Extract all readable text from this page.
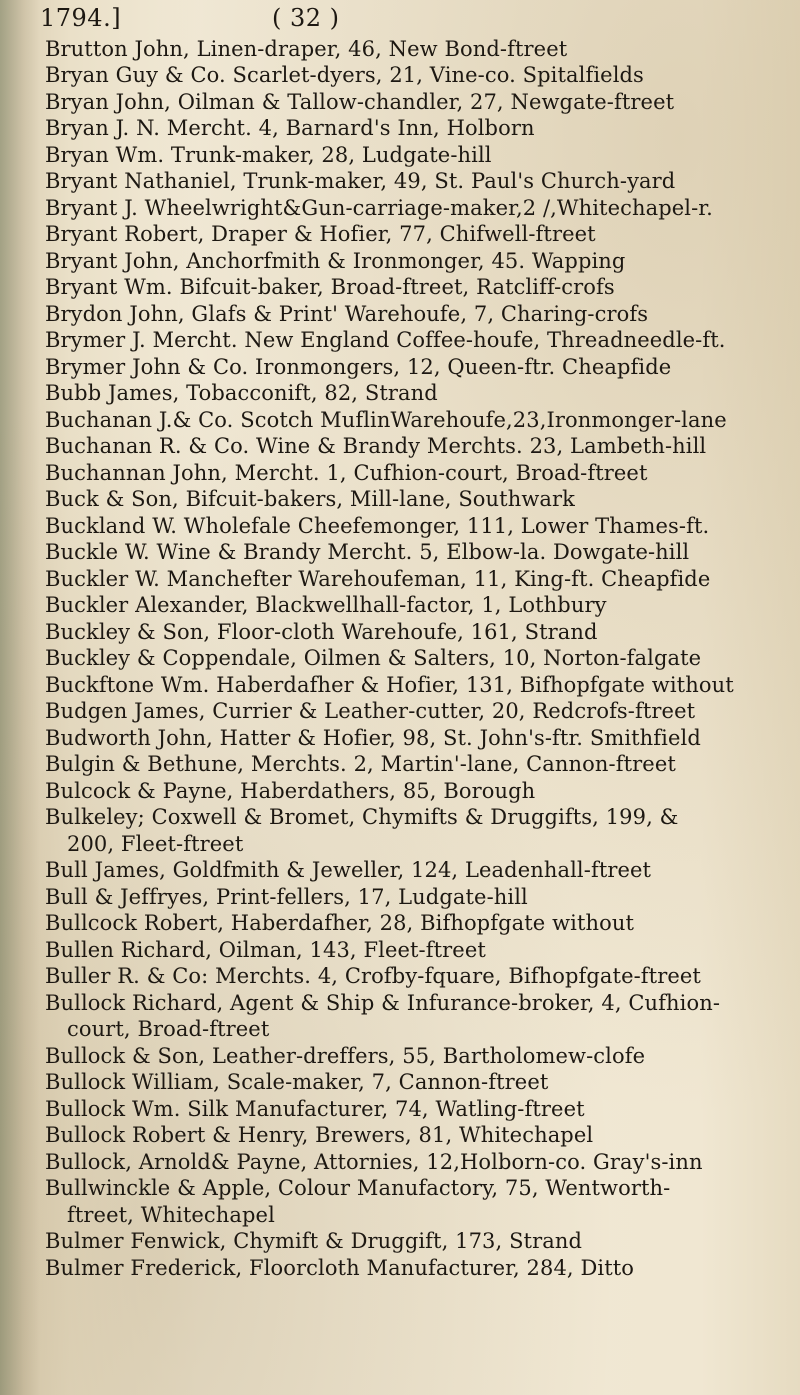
1794.]	( 32 )
Brutton John, Linen-draper, 46, New Bond-ftreet
Bryan Guy & Co. Scarlet-dyers, 21, Vine-co. Spitalfields
Bryan John, Oilman & Tallow-chandler, 27, Newgate-ftreet
Bryan J. N. Mercht. 4, Barnard's Inn, Holborn
Bryan Wm. Trunk-maker, 28, Ludgate-hill
Bryant Nathaniel, Trunk-maker, 49, St. Paul's Church-yard
Bryant J. Wheelwright&Gun-carriage-maker,2 /,Whitechapel-r.
Bryant Robert, Draper & Hofier, 77, Chifwell-ftreet
Bryant John, Anchorfmith & Ironmonger, 45. Wapping
Bryant Wm. Bifcuit-baker, Broad-ftreet, Ratcliff-crofs
Brydon John, Glafs & Print' Warehoufe, 7, Charing-crofs
Brymer J. Mercht. New England Coffee-houfe, Threadneedle-ft.
Brymer John & Co. Ironmongers, 12, Queen-ftr. Cheapfide
Bubb James, Tobacconift, 82, Strand
Buchanan J.& Co. Scotch MuflinWarehoufe,23,Ironmonger-lane
Buchanan R. & Co. Wine & Brandy Merchts. 23, Lambeth-hill
Buchannan John, Mercht. 1, Cufhion-court, Broad-ftreet
Buck & Son, Bifcuit-bakers, Mill-lane, Southwark
Buckland W. Wholefale Cheefemonger, 111, Lower Thames-ft.
Buckle W. Wine & Brandy Mercht. 5, Elbow-la. Dowgate-hill
Buckler W. Manchefter Warehoufeman, 11, King-ft. Cheapfide
Buckler Alexander, Blackwellhall-factor, 1, Lothbury
Buckley & Son, Floor-cloth Warehoufe, 161, Strand
Buckley & Coppendale, Oilmen & Salters, 10, Norton-falgate
Buckftone Wm. Haberdafher & Hofier, 131, Bifhopfgate without
Budgen James, Currier & Leather-cutter, 20, Redcrofs-ftreet
Budworth John, Hatter & Hofier, 98, St. John's-ftr. Smithfield
Bulgin & Bethune, Merchts. 2, Martin'-lane, Cannon-ftreet
Bulcock & Payne, Haberdathers, 85, Borough
Bulkeley; Coxwell & Bromet, Chymifts & Druggifts, 199, &
200, Fleet-ftreet
Bull James, Goldfmith & Jeweller, 124, Leadenhall-ftreet
Bull & Jeffryes, Print-fellers, 17, Ludgate-hill
Bullcock Robert, Haberdafher, 28, Bifhopfgate without
Bullen Richard, Oilman, 143, Fleet-ftreet
Buller R. & Co: Merchts. 4, Crofby-fquare, Bifhopfgate-ftreet
Bullock Richard, Agent & Ship & Infurance-broker, 4, Cufhion-
court, Broad-ftreet
Bullock & Son, Leather-dreffers, 55, Bartholomew-clofe
Bullock William, Scale-maker, 7, Cannon-ftreet
Bullock Wm. Silk Manufacturer, 74, Watling-ftreet
Bullock Robert & Henry, Brewers, 81, Whitechapel
Bullock, Arnold& Payne, Attornies, 12,Holborn-co. Gray's-inn
Bullwinckle & Apple, Colour Manufactory, 75, Wentworth-
ftreet, Whitechapel
Bulmer Fenwick, Chymift & Druggift, 173, Strand
Bulmer Frederick, Floorcloth Manufacturer, 284, Ditto
